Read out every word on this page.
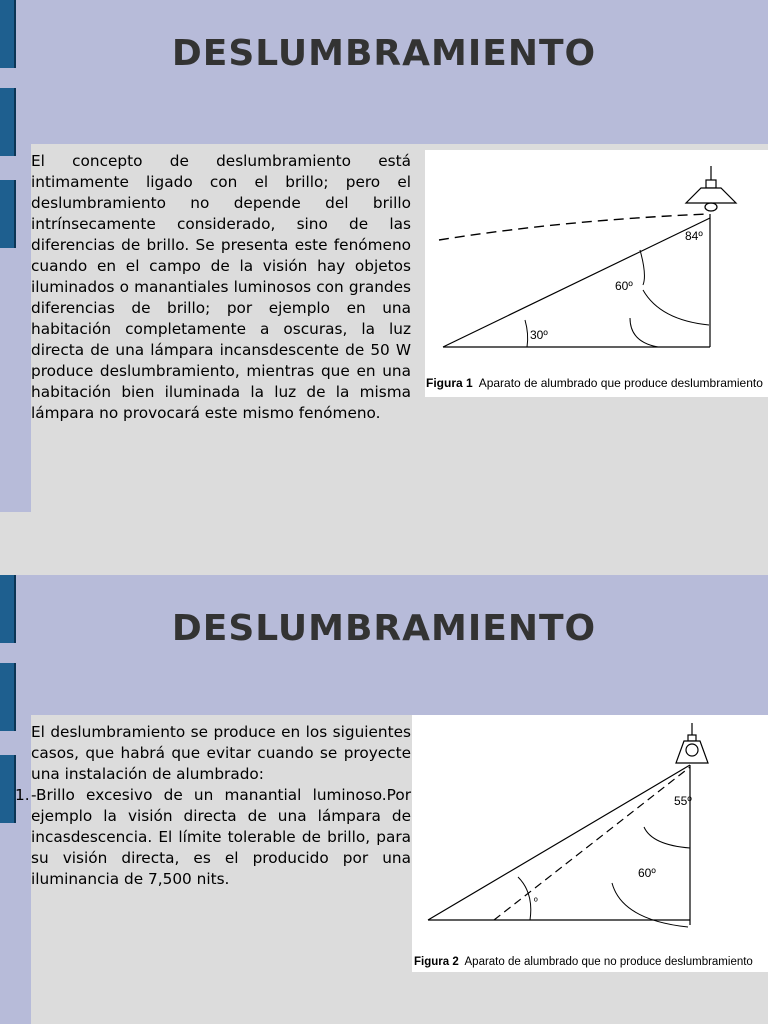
DESLUMBRAMIENTO

El concepto de deslumbramiento está intimamente ligado con el brillo; pero el deslumbramiento no depende del brillo intrínsecamente considerado, sino de las diferencias de brillo. Se presenta este fenómeno cuando en el campo de la visión hay objetos iluminados o manantiales luminosos con grandes diferencias de brillo; por ejemplo en una habitación completamente a oscuras, la luz directa de una lámpara incansdescente de 50 W produce deslumbramiento, mientras que en una habitación bien iluminada la luz de la misma lámpara no provocará este mismo fenómeno.

84º
60º
30º
Figura 1 Aparato de alumbrado que produce deslumbramiento
DESLUMBRAMIENTO

El deslumbramiento se produce en los siguientes casos, que habrá que evitar cuando se proyecte una instalación de alumbrado:

1. -Brillo excesivo de un manantial luminoso.Por ejemplo la visión directa de una lámpara de incasdescencia. El límite tolerable de brillo, para su visión directa, es el producido por una iluminancia de 7,500 nits.

55º
60º
º
Figura 2 Aparato de alumbrado que no produce deslumbramiento
